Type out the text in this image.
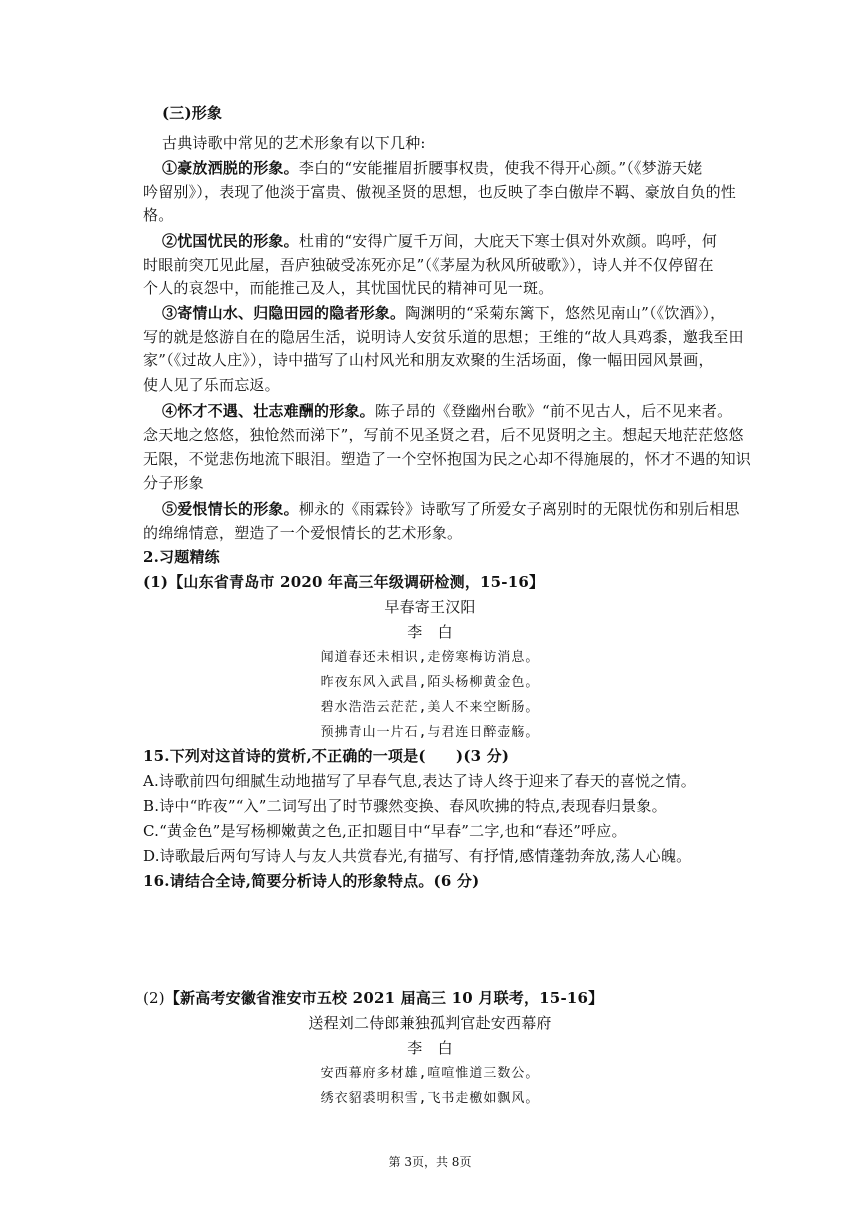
(三)形象
古典诗歌中常见的艺术形象有以下几种:
①豪放洒脱的形象。李白的“安能摧眉折腰事权贵，使我不得开心颜。”（《梦游天姥
吟留别》），表现了他淡于富贵、傲视圣贤的思想，也反映了李白傲岸不羁、豪放自负的性
格。
②忧国忧民的形象。杜甫的“安得广厦千万间，大庇天下寒士俱对外欢颜。呜呼，何
时眼前突兀见此屋，吾庐独破受冻死亦足”（《茅屋为秋风所破歌》），诗人并不仅停留在
个人的哀怨中，而能推己及人，其忧国忧民的精神可见一斑。
③寄情山水、归隐田园的隐者形象。陶渊明的“采菊东篱下，悠然见南山”（《饮酒》），
写的就是悠游自在的隐居生活，说明诗人安贫乐道的思想；王维的“故人具鸡黍，邀我至田
家”（《过故人庄》），诗中描写了山村风光和朋友欢聚的生活场面，像一幅田园风景画，
使人见了乐而忘返。
④怀才不遇、壮志难酬的形象。陈子昂的《登幽州台歌》“前不见古人，后不见来者。
念天地之悠悠，独怆然而涕下”，写前不见圣贤之君，后不见贤明之主。想起天地茫茫悠悠
无限，不觉悲伤地流下眼泪。塑造了一个空怀抱国为民之心却不得施展的，怀才不遇的知识
分子形象
⑤爱恨情长的形象。柳永的《雨霖铃》诗歌写了所爱女子离别时的无限忧伤和别后相思
的绵绵情意，塑造了一个爱恨情长的艺术形象。
2.习题精练
(1)【山东省青岛市 2020 年高三年级调研检测，15-16】
早春寄王汉阳
李　白
闻道春还未相识,走傍寒梅访消息。
昨夜东风入武昌,陌头杨柳黄金色。
碧水浩浩云茫茫,美人不来空断肠。
预拂青山一片石,与君连日醉壶觞。
15.下列对这首诗的赏析,不正确的一项是(　　)(3 分)
A.诗歌前四句细腻生动地描写了早春气息,表达了诗人终于迎来了春天的喜悦之情。
B.诗中“昨夜”“入”二词写出了时节骤然变换、春风吹拂的特点,表现春归景象。
C.“黄金色”是写杨柳嫩黄之色,正扣题目中“早春”二字,也和“春还”呼应。
D.诗歌最后两句写诗人与友人共赏春光,有描写、有抒情,感情蓬勃奔放,荡人心魄。
16.请结合全诗,简要分析诗人的形象特点。(6 分)
(2)【新高考安徽省淮安市五校 2021 届高三 10 月联考，15-16】
送程刘二侍郎兼独孤判官赴安西幕府
李　白
安西幕府多材雄,喧喧惟道三数公。
绣衣貂裘明积雪,飞书走檄如飘风。
第 3页，共 8页
